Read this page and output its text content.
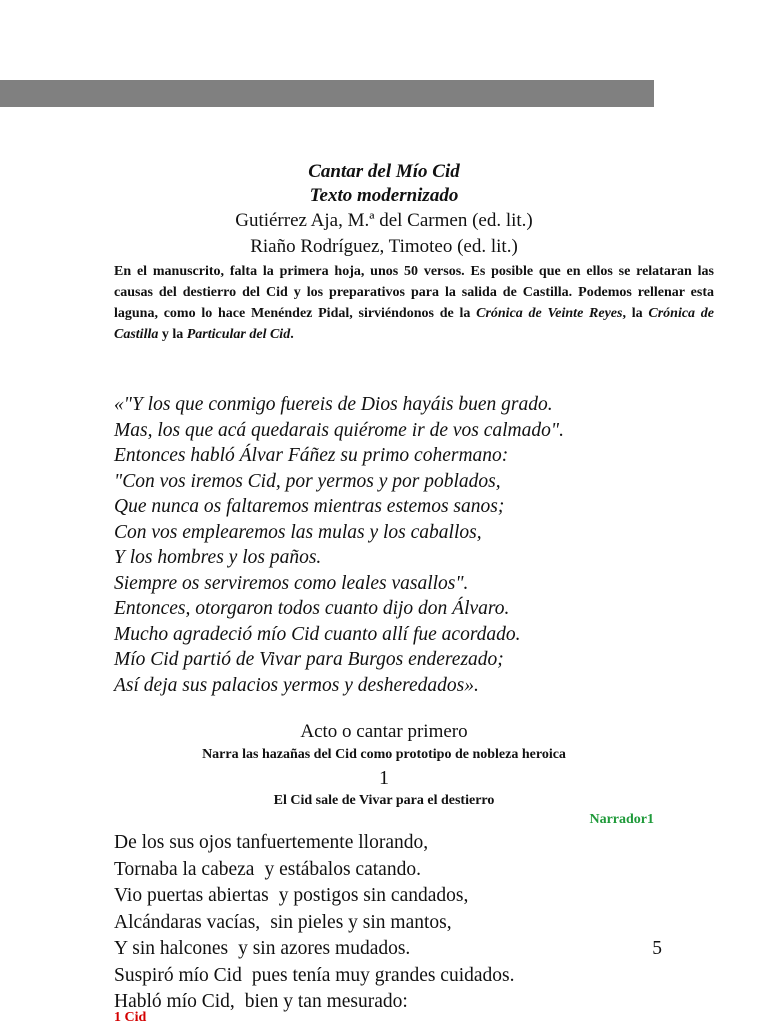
Cantar del Mío Cid
Texto modernizado
Gutiérrez Aja, M.ª del Carmen (ed. lit.)
Riaño Rodríguez, Timoteo (ed. lit.)
En el manuscrito, falta la primera hoja, unos 50 versos. Es posible que en ellos se relataran las causas del destierro del Cid y los preparativos para la salida de Castilla. Podemos rellenar esta laguna, como lo hace Menéndez Pidal, sirviéndonos de la Crónica de Veinte Reyes, la Crónica de Castilla y la Particular del Cid.
«"Y los que conmigo fuereis de Dios hayáis buen grado.
Mas, los que acá quedarais quiérome ir de vos calmado".
Entonces habló Álvar Fáñez su primo cohermano:
"Con vos iremos Cid, por yermos y por poblados,
Que nunca os faltaremos mientras estemos sanos;
Con vos emplearemos las mulas y los caballos,
Y los hombres y los paños.
Siempre os serviremos como leales vasallos".
Entonces, otorgaron todos cuanto dijo don Álvaro.
Mucho agradeció mío Cid cuanto allí fue acordado.
Mío Cid partió de Vivar para Burgos enderezado;
Así deja sus palacios yermos y desheredados».
Acto o cantar primero
Narra las hazañas del Cid como prototipo de nobleza heroica
1
El Cid sale de Vivar para el destierro
Narrador1
De los sus ojos tanfuertemente llorando,
Tornaba la cabeza y estábalos catando.
Vio puertas abiertas y postigos sin candados,
Alcándaras vacías, sin pieles y sin mantos,
Y sin halcones y sin azores mudados.	5
Suspiró mío Cid pues tenía muy grandes cuidados.
Habló mío Cid, bien y tan mesurado:
1 Cid
